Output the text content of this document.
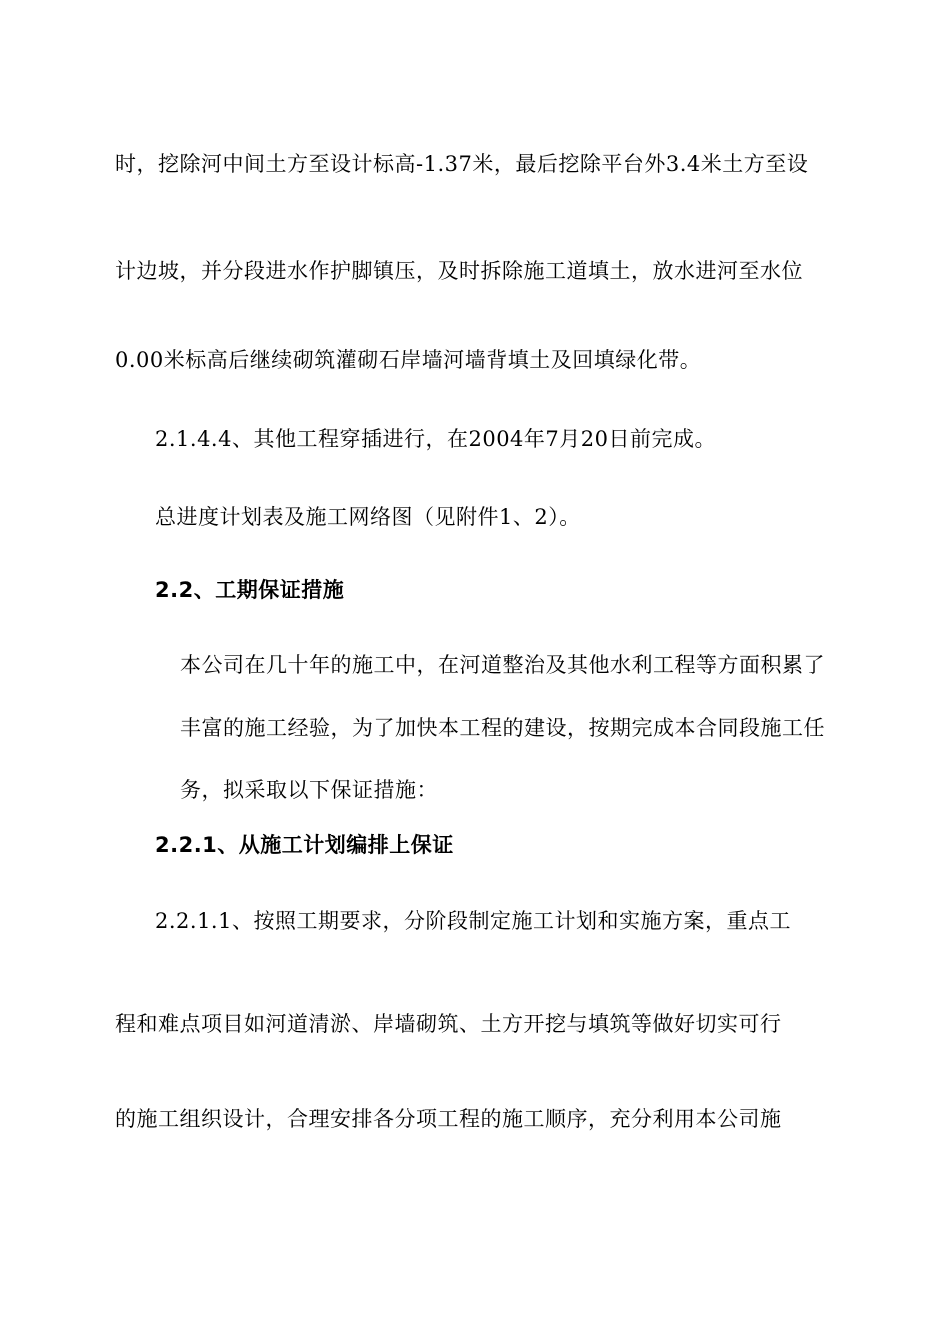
时，挖除河中间土方至设计标高-1.37米，最后挖除平台外3.4米土方至设
计边坡，并分段进水作护脚镇压，及时拆除施工道填土，放水进河至水位
0.00米标高后继续砌筑灌砌石岸墙河墙背填土及回填绿化带。
2.1.4.4、其他工程穿插进行，在2004年7月20日前完成。
总进度计划表及施工网络图（见附件1、2）。
2.2、工期保证措施
本公司在几十年的施工中，在河道整治及其他水利工程等方面积累了
丰富的施工经验，为了加快本工程的建设，按期完成本合同段施工任
务，拟采取以下保证措施：
2.2.1、从施工计划编排上保证
2.2.1.1、按照工期要求，分阶段制定施工计划和实施方案，重点工
程和难点项目如河道清淤、岸墙砌筑、土方开挖与填筑等做好切实可行
的施工组织设计，合理安排各分项工程的施工顺序，充分利用本公司施
